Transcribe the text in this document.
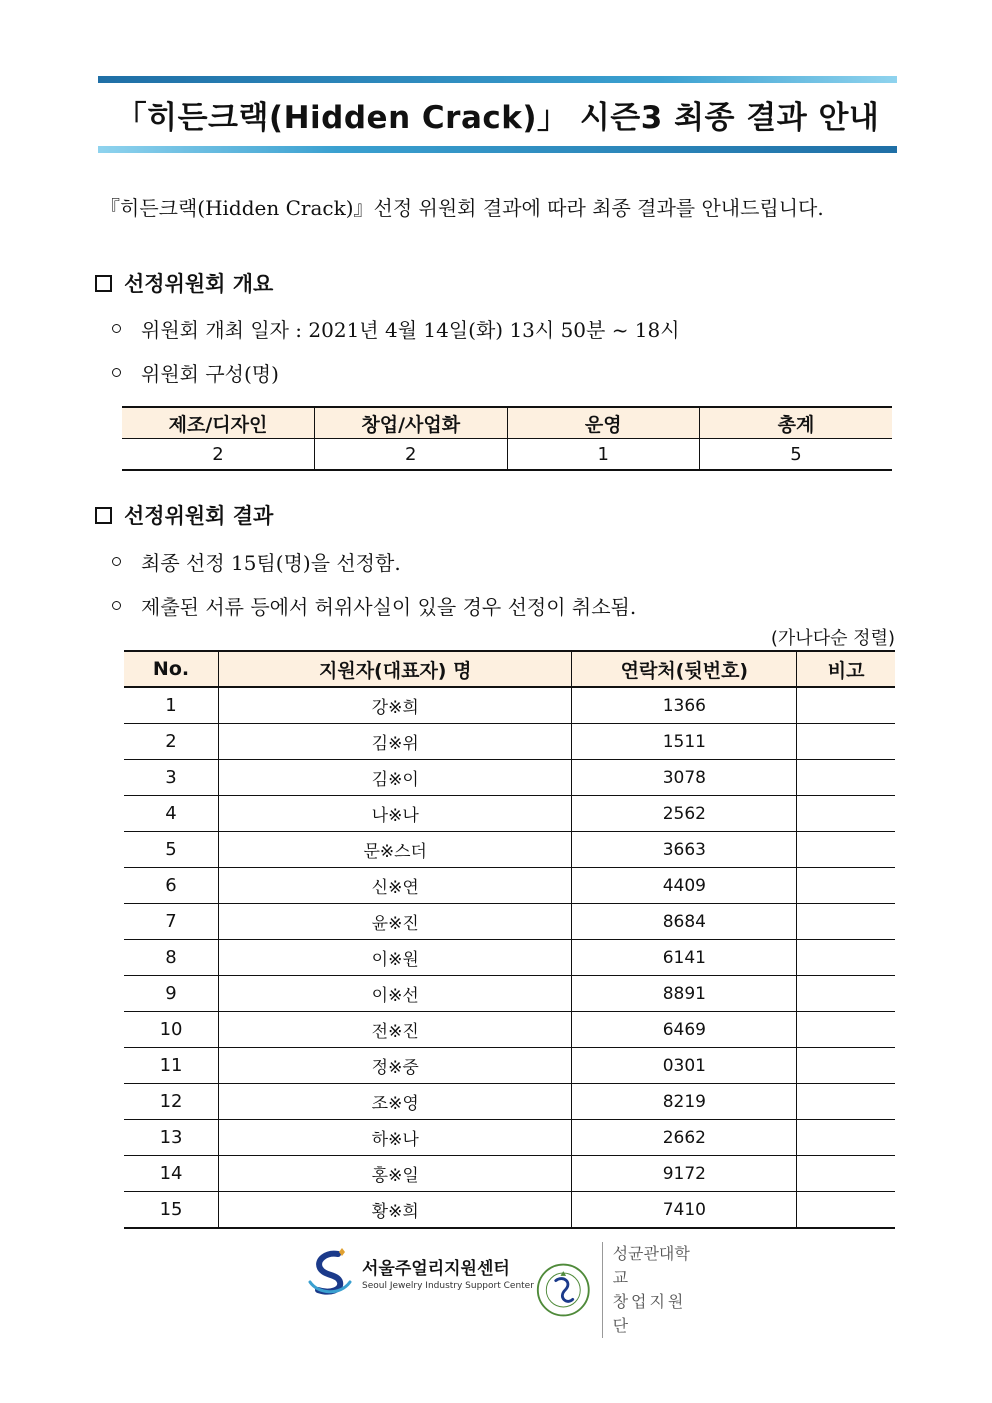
「히든크랙(Hidden Crack)」 시즌3 최종 결과 안내
『히든크랙(Hidden Crack)』선정 위원회 결과에 따라 최종 결과를 안내드립니다.
선정위원회 개요
위원회 개최 일자 : 2021년 4월 14일(화) 13시 50분 ~ 18시
위원회 구성(명)
제조/디자인	창업/사업화	운영	총계
2	2	1	5
선정위원회 결과
최종 선정 15팀(명)을 선정함.
제출된 서류 등에서 허위사실이 있을 경우 선정이 취소됨.
(가나다순 정렬)
No.	지원자(대표자) 명	연락처(뒷번호)	비고
1	강※희	1366	
2	김※위	1511	
3	김※이	3078	
4	나※나	2562	
5	문※스더	3663	
6	신※연	4409	
7	윤※진	8684	
8	이※원	6141	
9	이※선	8891	
10	전※진	6469	
11	정※중	0301	
12	조※영	8219	
13	하※나	2662	
14	홍※일	9172	
15	황※희	7410	
서울주얼리지원센터
Seoul Jewelry Industry Support Center
성균관대학교
창업지원단
